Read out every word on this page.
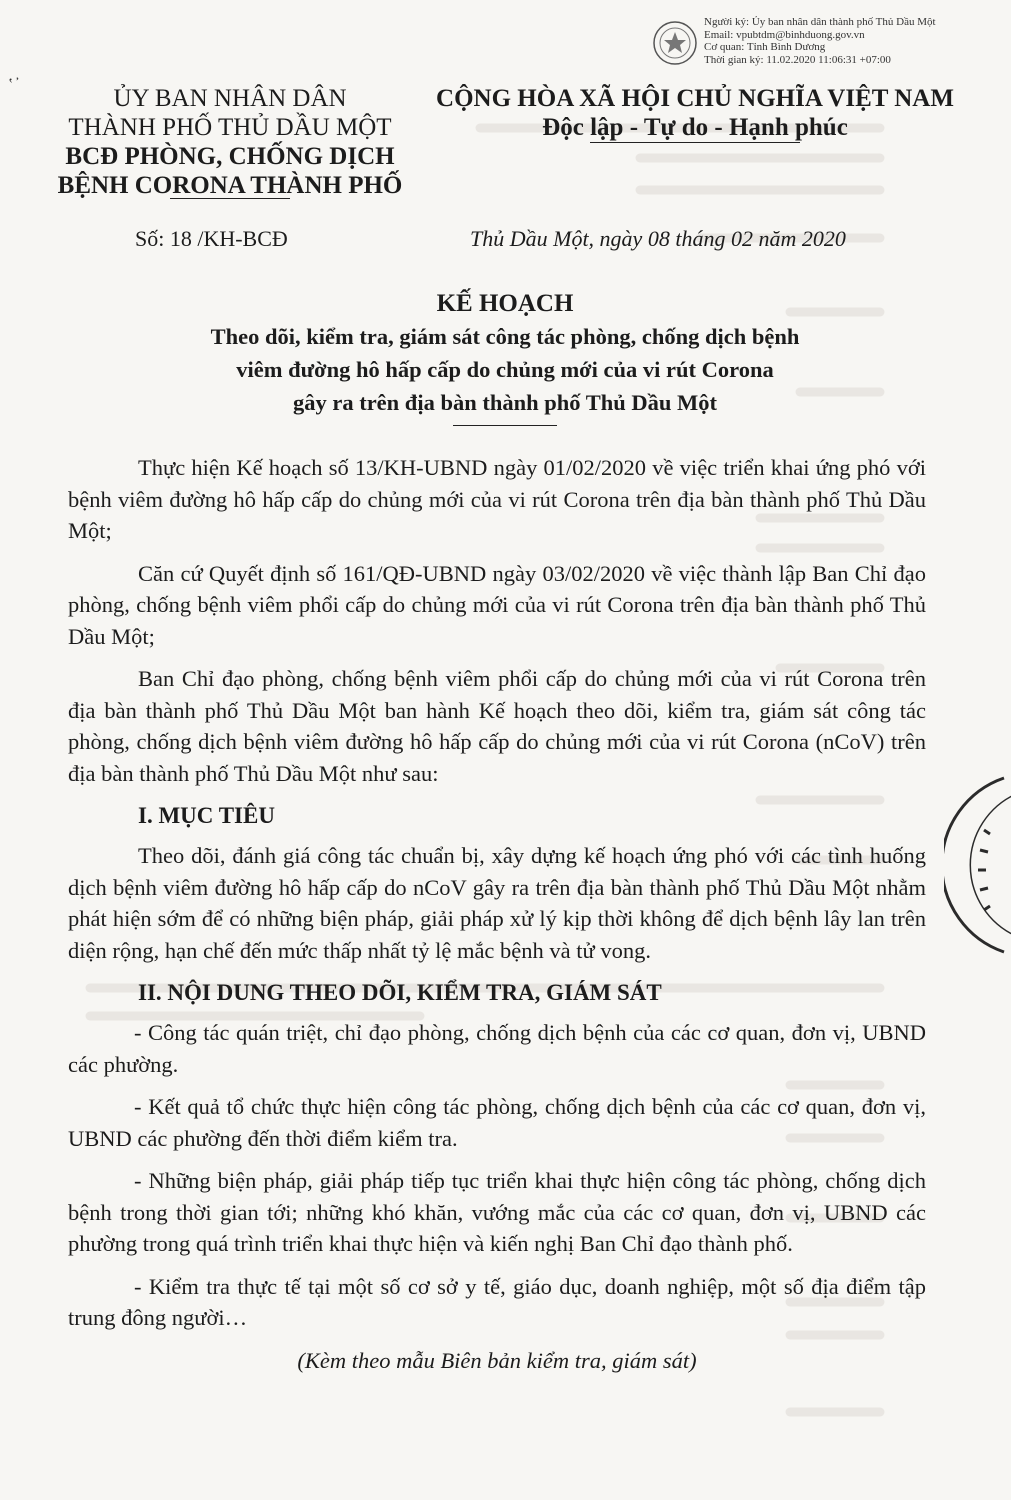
Người ký: Ủy ban nhân dân thành phố Thủ Dầu Một
Email: vpubtdm@binhduong.gov.vn
Cơ quan: Tỉnh Bình Dương
Thời gian ký: 11.02.2020 11:06:31 +07:00
‛ ̓
ỦY BAN NHÂN DÂN
THÀNH PHỐ THỦ DẦU MỘT
BCĐ PHÒNG, CHỐNG DỊCH
BỆNH CORONA THÀNH PHỐ
CỘNG HÒA XÃ HỘI CHỦ NGHĨA VIỆT NAM
Độc lập - Tự do - Hạnh phúc
Số: 18 /KH-BCĐ	Thủ Dầu Một, ngày 08 tháng 02 năm 2020
KẾ HOẠCH
Theo dõi, kiểm tra, giám sát công tác phòng, chống dịch bệnh
viêm đường hô hấp cấp do chủng mới của vi rút Corona
gây ra trên địa bàn thành phố Thủ Dầu Một

Thực hiện Kế hoạch số 13/KH-UBND ngày 01/02/2020 về việc triển khai ứng phó với bệnh viêm đường hô hấp cấp do chủng mới của vi rút Corona trên địa bàn thành phố Thủ Dầu Một;

Căn cứ Quyết định số 161/QĐ-UBND ngày 03/02/2020 về việc thành lập Ban Chỉ đạo phòng, chống bệnh viêm phổi cấp do chủng mới của vi rút Corona trên địa bàn thành phố Thủ Dầu Một;

Ban Chỉ đạo phòng, chống bệnh viêm phổi cấp do chủng mới của vi rút Corona trên địa bàn thành phố Thủ Dầu Một ban hành Kế hoạch theo dõi, kiểm tra, giám sát công tác phòng, chống dịch bệnh viêm đường hô hấp cấp do chủng mới của vi rút Corona (nCoV) trên địa bàn thành phố Thủ Dầu Một như sau:

I. MỤC TIÊU

Theo dõi, đánh giá công tác chuẩn bị, xây dựng kế hoạch ứng phó với các tình huống dịch bệnh viêm đường hô hấp cấp do nCoV gây ra trên địa bàn thành phố Thủ Dầu Một nhằm phát hiện sớm để có những biện pháp, giải pháp xử lý kịp thời không để dịch bệnh lây lan trên diện rộng, hạn chế đến mức thấp nhất tỷ lệ mắc bệnh và tử vong.

II. NỘI DUNG THEO DÕI, KIỂM TRA, GIÁM SÁT

- Công tác quán triệt, chỉ đạo phòng, chống dịch bệnh của các cơ quan, đơn vị, UBND các phường.

- Kết quả tổ chức thực hiện công tác phòng, chống dịch bệnh của các cơ quan, đơn vị, UBND các phường đến thời điểm kiểm tra.

- Những biện pháp, giải pháp tiếp tục triển khai thực hiện công tác phòng, chống dịch bệnh trong thời gian tới; những khó khăn, vướng mắc của các cơ quan, đơn vị, UBND các phường trong quá trình triển khai thực hiện và kiến nghị Ban Chỉ đạo thành phố.

- Kiểm tra thực tế tại một số cơ sở y tế, giáo dục, doanh nghiệp, một số địa điểm tập trung đông người…

(Kèm theo mẫu Biên bản kiểm tra, giám sát)
